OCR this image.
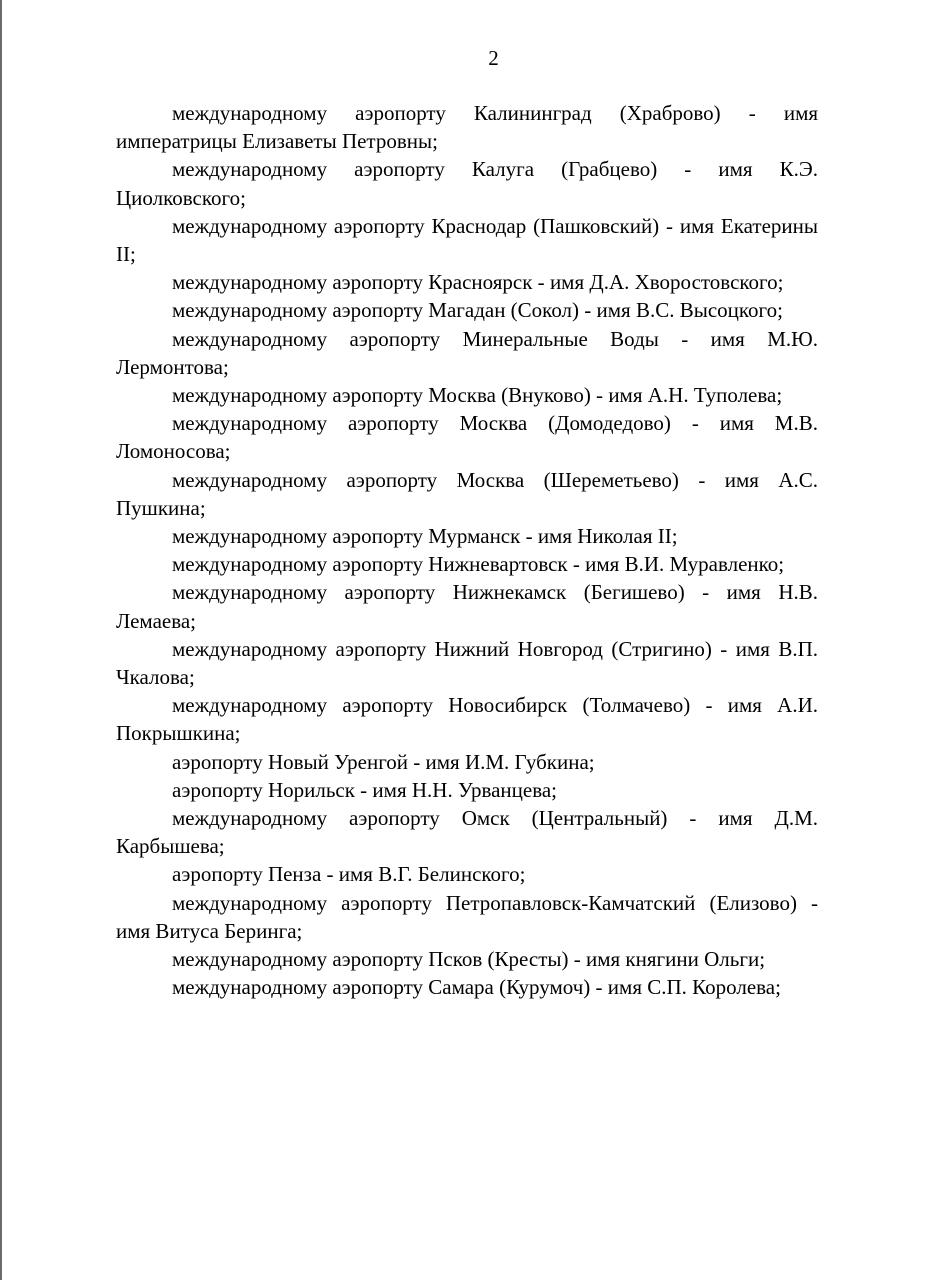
2

международному аэропорту Калининград (Храброво) - имя императрицы Елизаветы Петровны;

международному аэропорту Калуга (Грабцево) - имя К.Э. Циолковского;

международному аэропорту Краснодар (Пашковский) - имя Екатерины II;

международному аэропорту Красноярск - имя Д.А. Хворостовского;

международному аэропорту Магадан (Сокол) - имя В.С. Высоцкого;

международному аэропорту Минеральные Воды - имя М.Ю. Лермонтова;

международному аэропорту Москва (Внуково) - имя А.Н. Туполева;

международному аэропорту Москва (Домодедово) - имя М.В. Ломоносова;

международному аэропорту Москва (Шереметьево) - имя А.С. Пушкина;

международному аэропорту Мурманск - имя Николая II;

международному аэропорту Нижневартовск - имя В.И. Муравленко;

международному аэропорту Нижнекамск (Бегишево) - имя Н.В. Лемаева;

международному аэропорту Нижний Новгород (Стригино) - имя В.П. Чкалова;

международному аэропорту Новосибирск (Толмачево) - имя А.И. Покрышкина;

аэропорту Новый Уренгой - имя И.М. Губкина;

аэропорту Норильск - имя Н.Н. Урванцева;

международному аэропорту Омск (Центральный) - имя Д.М. Карбышева;

аэропорту Пенза - имя В.Г. Белинского;

международному аэропорту Петропавловск-Камчатский (Елизово) - имя Витуса Беринга;

международному аэропорту Псков (Кресты) - имя княгини Ольги;

международному аэропорту Самара (Курумоч) - имя С.П. Королева;
